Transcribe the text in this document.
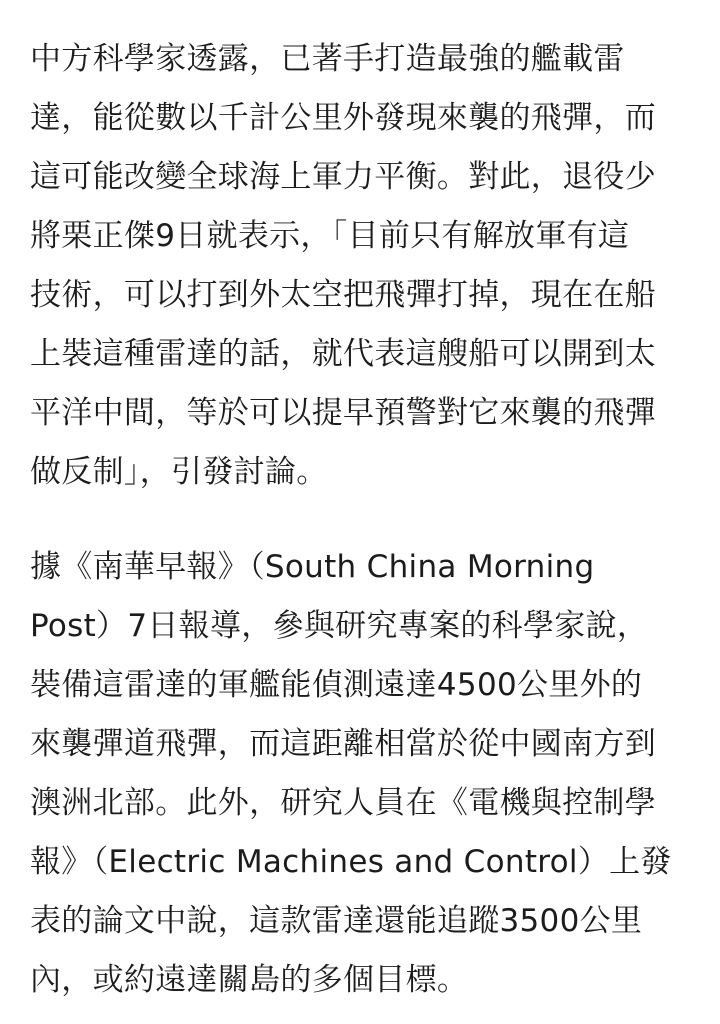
中方科學家透露，已著手打造最強的艦載雷
達，能從數以千計公里外發現來襲的飛彈，而
這可能改變全球海上軍力平衡。對此，退役少
將栗正傑9日就表示，「目前只有解放軍有這
技術，可以打到外太空把飛彈打掉，現在在船
上裝這種雷達的話，就代表這艘船可以開到太
平洋中間，等於可以提早預警對它來襲的飛彈
做反制」，引發討論。
據《南華早報》（South China Morning
Post）7日報導，參與研究專案的科學家說，
裝備這雷達的軍艦能偵測遠達4500公里外的
來襲彈道飛彈，而這距離相當於從中國南方到
澳洲北部。此外，研究人員在《電機與控制學
報》（Electric Machines and Control）上發
表的論文中說，這款雷達還能追蹤3500公里
內，或約遠達關島的多個目標。
